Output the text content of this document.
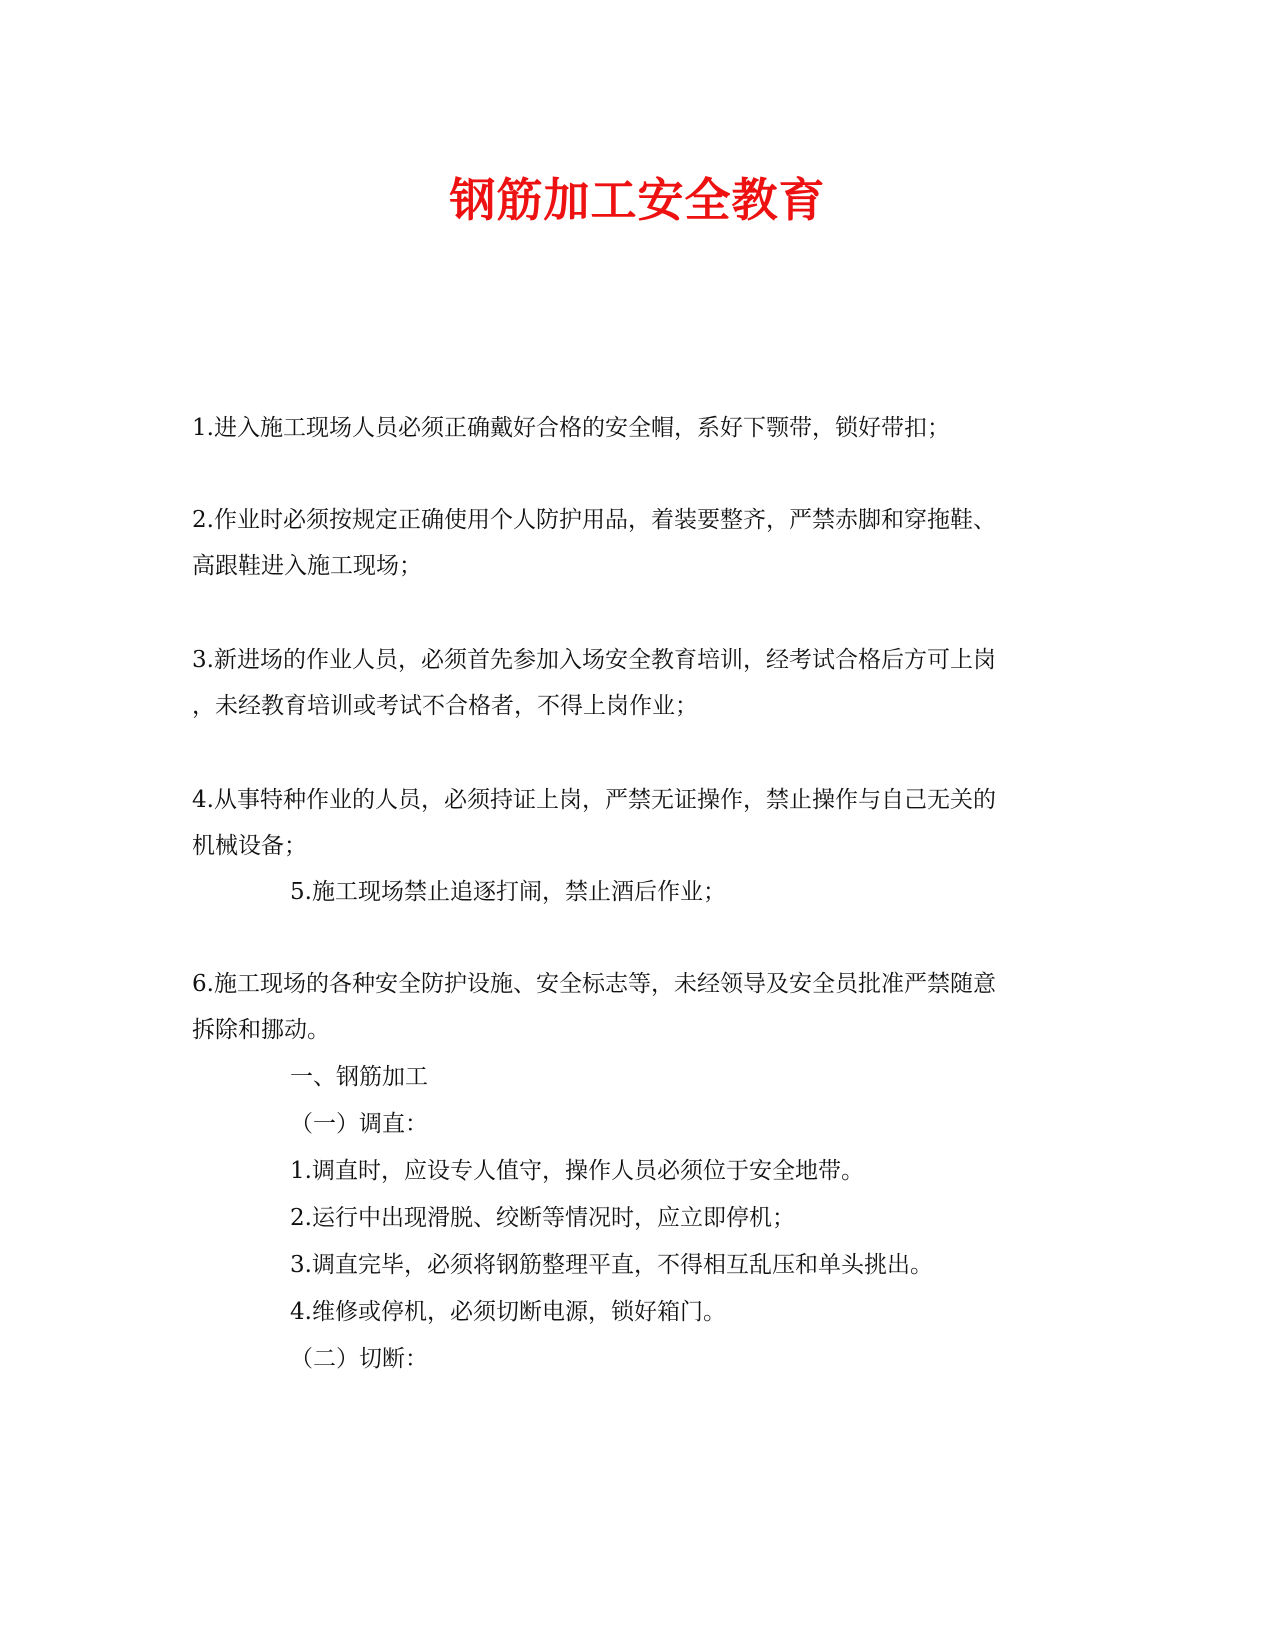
钢筋加工安全教育
1.进入施工现场人员必须正确戴好合格的安全帽，系好下颚带，锁好带扣；
2.作业时必须按规定正确使用个人防护用品，着装要整齐，严禁赤脚和穿拖鞋、
高跟鞋进入施工现场；
3.新进场的作业人员，必须首先参加入场安全教育培训，经考试合格后方可上岗
，未经教育培训或考试不合格者，不得上岗作业；
4.从事特种作业的人员，必须持证上岗，严禁无证操作，禁止操作与自己无关的
机械设备；
5.施工现场禁止追逐打闹，禁止酒后作业；
6.施工现场的各种安全防护设施、安全标志等，未经领导及安全员批准严禁随意
拆除和挪动。
一、钢筋加工
（一）调直：
1.调直时，应设专人值守，操作人员必须位于安全地带。
2.运行中出现滑脱、绞断等情况时，应立即停机；
3.调直完毕，必须将钢筋整理平直，不得相互乱压和单头挑出。
4.维修或停机，必须切断电源，锁好箱门。
（二）切断：
